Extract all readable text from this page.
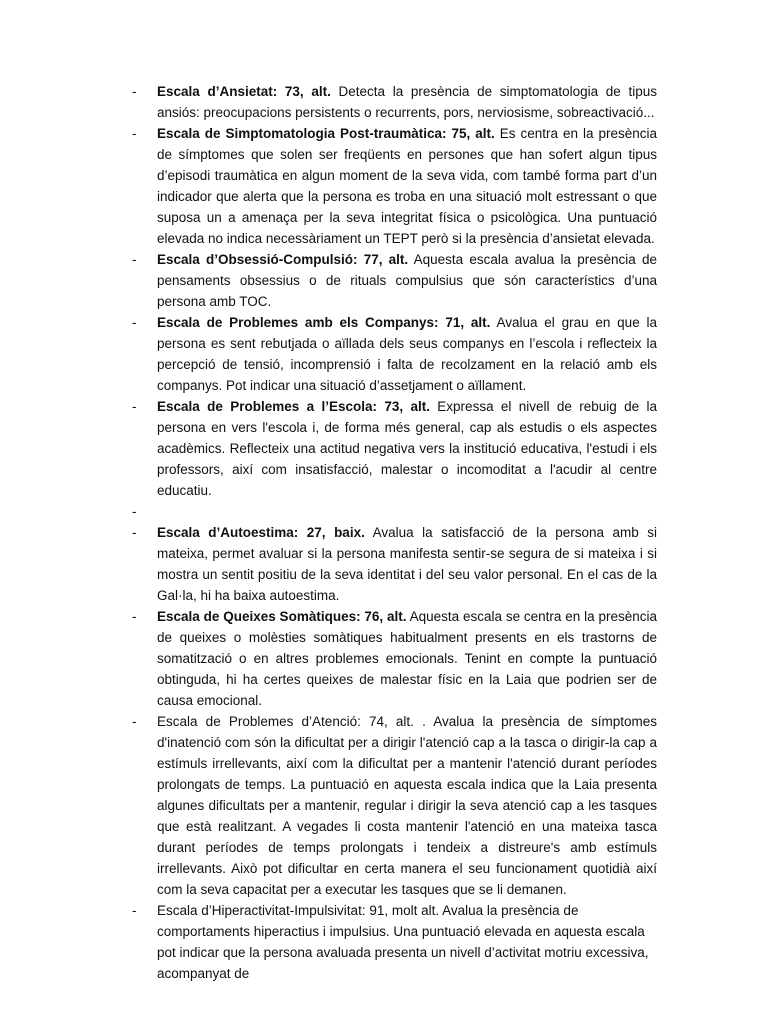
- Escala d’Ansietat: 73, alt. Detecta la presència de simptomatologia de tipus ansiós: preocupacions persistents o recurrents, pors, nerviosisme, sobreactivació...
- Escala de Simptomatologia Post-traumàtica: 75, alt. Es centra en la presència de símptomes que solen ser freqüents en persones que han sofert algun tipus d’episodi traumàtica en algun moment de la seva vida, com també forma part d’un indicador que alerta que la persona es troba en una situació molt estressant o que suposa un a amenaça per la seva integritat física o psicològica. Una puntuació elevada no indica necessàriament un TEPT però si la presència d’ansietat elevada.
- Escala d’Obsessió-Compulsió: 77, alt. Aquesta escala avalua la presència de pensaments obsessius o de rituals compulsius que són característics d’una persona amb TOC.
- Escala de Problemes amb els Companys: 71, alt. Avalua el grau en que la persona es sent rebutjada o aïllada dels seus companys en l’escola i reflecteix la percepció de tensió, incomprensió i falta de recolzament en la relació amb els companys. Pot indicar una situació d’assetjament o aïllament.
- Escala de Problemes a l’Escola: 73, alt. Expressa el nivell de rebuig de la persona en vers l'escola i, de forma més general, cap als estudis o els aspectes acadèmics. Reflecteix una actitud negativa vers la institució educativa, l'estudi i els professors, així com insatisfacció, malestar o incomoditat a l'acudir al centre educatiu.
-
- Escala d’Autoestima: 27, baix. Avalua la satisfacció de la persona amb si mateixa, permet avaluar si la persona manifesta sentir-se segura de si mateixa i si mostra un sentit positiu de la seva identitat i del seu valor personal. En el cas de la Gal·la, hi ha baixa autoestima.
- Escala de Queixes Somàtiques: 76, alt. Aquesta escala se centra en la presència de queixes o molèsties somàtiques habitualment presents en els trastorns de somatització o en altres problemes emocionals. Tenint en compte la puntuació obtinguda, hi ha certes queixes de malestar físic en la Laia que podrien ser de causa emocional.
- Escala de Problemes d’Atenció: 74, alt. . Avalua la presència de símptomes d'inatenció com són la dificultat per a dirigir l'atenció cap a la tasca o dirigir-la cap a estímuls irrellevants, així com la dificultat per a mantenir l'atenció durant períodes prolongats de temps. La puntuació en aquesta escala indica que la Laia presenta algunes dificultats per a mantenir, regular i dirigir la seva atenció cap a les tasques que està realitzant. A vegades li costa mantenir l'atenció en una mateixa tasca durant períodes de temps prolongats i tendeix a distreure's amb estímuls irrellevants. Això pot dificultar en certa manera el seu funcionament quotidià així com la seva capacitat per a executar les tasques que se li demanen.
- Escala d’Hiperactivitat-Impulsivitat: 91, molt alt. Avalua la presència de comportaments hiperactius i impulsius. Una puntuació elevada en aquesta escala pot indicar que la persona avaluada presenta un nivell d’activitat motriu excessiva, acompanyat de
